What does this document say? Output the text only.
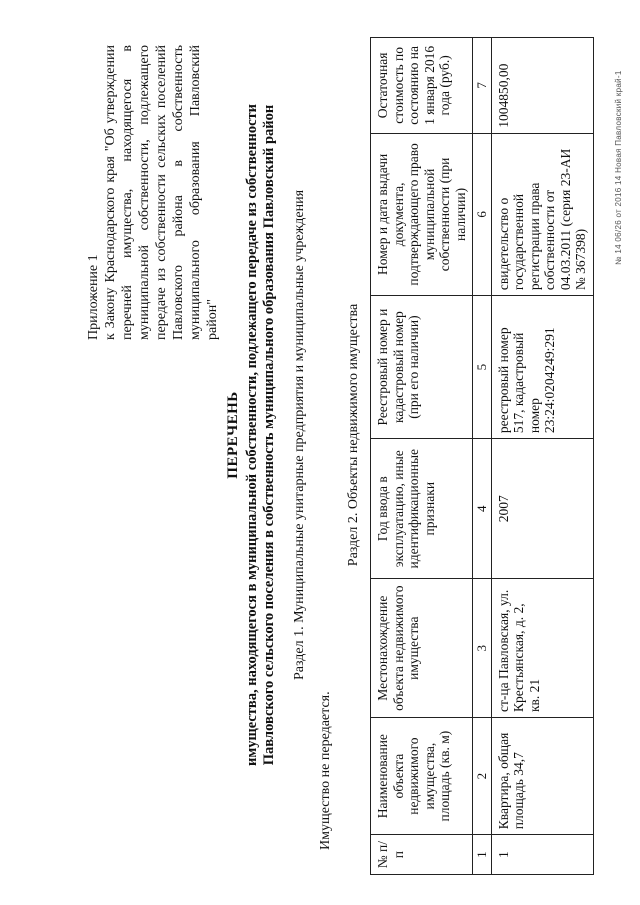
Приложение 1 к Закону Краснодарского края "Об утверждении перечней имущества, находящегося в муниципальной собственности, подлежащего передаче из собственности сельских поселений Павловского района в собственность муниципального образования Павловский район"
ПЕРЕЧЕНЬ имущества, находящегося в муниципальной собственности, подлежащего передаче из собственности Павловского сельского поселения в собственность муниципального образования Павловский район Раздел 1. Муниципальные унитарные предприятия и муниципальные учреждения
Имущество не передается.
Раздел 2. Объекты недвижимого имущества
№ п/п	Наименование объекта недвижимого имущества, площадь (кв. м)	Местонахождение объекта недвижимого имущества	Год ввода в эксплуатацию, иные идентификационные признаки	Реестровый номер и кадастровый номер (при его наличии)	Номер и дата выдачи документа, подтверждающего право муниципальной собственности (при наличии)	Остаточная стоимость по состоянию на 1 января 2016 года (руб.)
1	2	3	4	5	6	7
1	Квартира, общая площадь 34,7	ст-ца Павловская, ул. Крестьянская, д. 2, кв. 21	2007	реестровый номер 517, кадастровый номер 23:24:0204249:291	свидетельство о государственной регистрации права собственности от 04.03.2011 (серия 23-АИ № 367398)	1004850,00	№ 14 06/26 от 2016 14 Новая Павловский край-1
